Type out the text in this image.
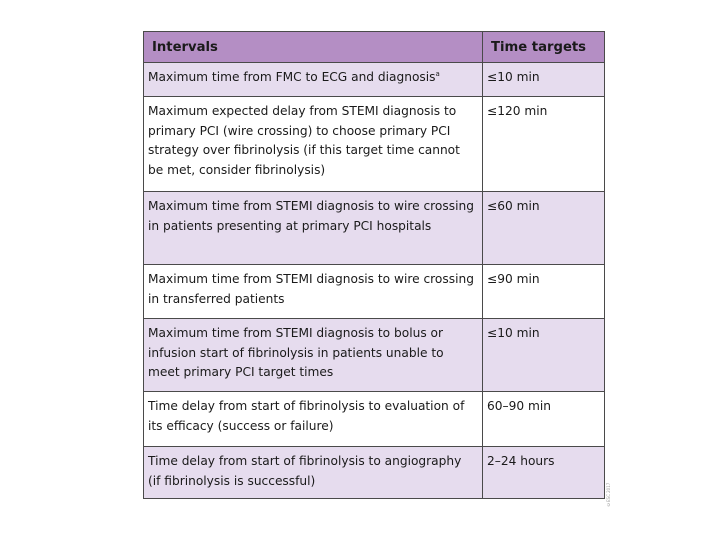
Intervals	Time targets
Maximum time from FMC to ECG and diagnosis$^a$	≤10 min
Maximum expected delay from STEMI diagnosis to primary PCI (wire crossing) to choose primary PCI strategy over fibrinolysis (if this target time cannot be met, consider fibrinolysis)	≤120 min
Maximum time from STEMI diagnosis to wire crossing in patients presenting at primary PCI hospitals	≤60 min
Maximum time from STEMI diagnosis to wire crossing in transferred patients	≤90 min
Maximum time from STEMI diagnosis to bolus or infusion start of fibrinolysis in patients unable to meet primary PCI target times	≤10 min
Time delay from start of fibrinolysis to evaluation of its efficacy (success or failure)	60–90 min
Time delay from start of fibrinolysis to angiography (if fibrinolysis is successful)	2–24 hours
©ESC 2017
